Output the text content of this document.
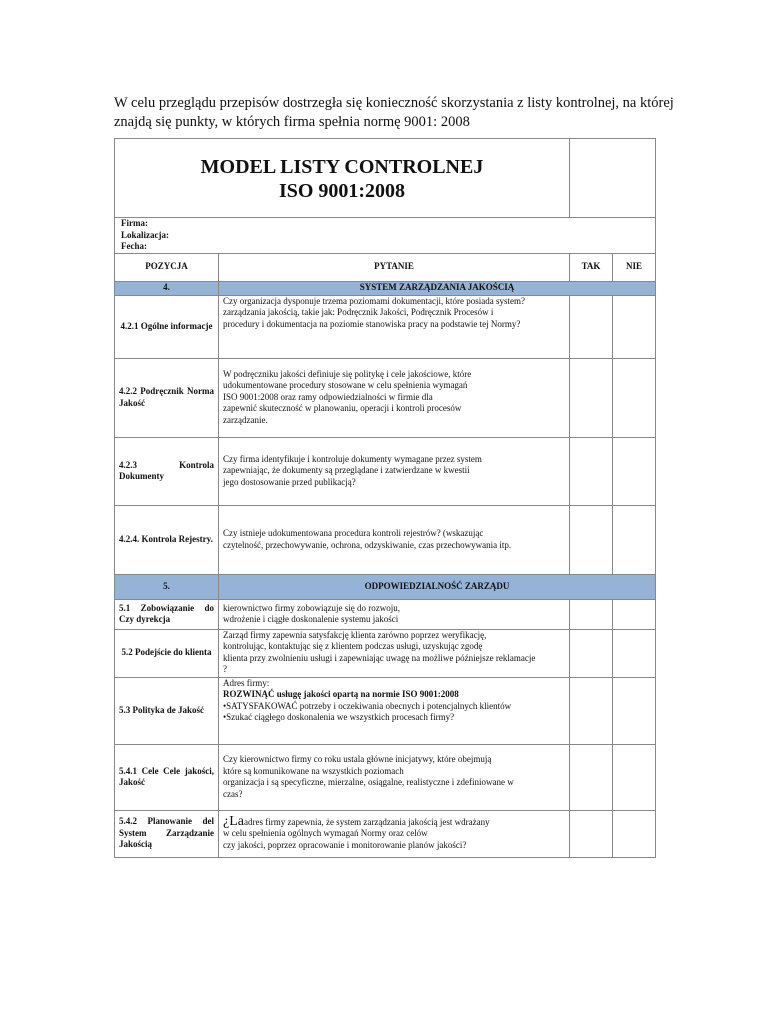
W celu przeglądu przepisów dostrzegła się konieczność skorzystania z listy kontrolnej, na której znajdą się punkty, w których firma spełnia normę 9001: 2008
MODEL LISTY CONTROLNEJ
ISO 9001:2008			

Firma:
Lokalizacja:
Fecha:			

POZYCJA	PYTANIE	TAK	NIE
4.	SYSTEM ZARZĄDZANIA JAKOŚCIĄ		
4.2.1 Ogólne informacje	Czy organizacja dysponuje trzema poziomami dokumentacji, które posiada system?
zarządzania jakością, takie jak: Podręcznik Jakości, Podręcznik Procesów i
procedury i dokumentacja na poziomie stanowiska pracy na podstawie tej Normy?		

4.2.2 Podręcznik Norma Jakość	W podręczniku jakości definiuje się politykę i cele jakościowe, które
udokumentowane procedury stosowane w celu spełnienia wymagań
ISO 9001:2008 oraz ramy odpowiedzialności w firmie dla
zapewnić skuteczność w planowaniu, operacji i kontroli procesów
zarządzanie.		

4.2.3 Kontrola Dokumenty	Czy firma identyfikuje i kontroluje dokumenty wymagane przez system
zapewniając, że dokumenty są przeglądane i zatwierdzane w kwestii
jego dostosowanie przed publikacją?		

4.2.4. Kontrola Rejestry.	Czy istnieje udokumentowana procedura kontroli rejestrów? (wskazując
czytelność, przechowywanie, ochrona, odzyskiwanie, czas przechowywania itp.		

5.	ODPOWIEDZIALNOŚĆ ZARZĄDU		
5.1 Zobowiązanie do Czy dyrekcja	kierownictwo firmy zobowiązuje się do rozwoju,
wdrożenie i ciągłe doskonalenie systemu jakości		

5.2 Podejście do klienta	Zarząd firmy zapewnia satysfakcję klienta zarówno poprzez weryfikację,
kontrolując, kontaktując się z klientem podczas usługi, uzyskując zgodę
klienta przy zwolnieniu usługi i zapewniając uwagę na możliwe późniejsze reklamacje
?		

5.3 Polityka de Jakość	Adres firmy:
ROZWINĄĆ usługę jakości opartą na normie ISO 9001:2008
•SATYSFAKOWAĆ potrzeby i oczekiwania obecnych i potencjalnych klientów
•Szukać ciągłego doskonalenia we wszystkich procesach firmy?		

5.4.1 Cele Cele jakości, Jakość	Czy kierownictwo firmy co roku ustala główne inicjatywy, które obejmują
które są komunikowane na wszystkich poziomach
organizacja i są specyficzne, mierzalne, osiągalne, realistyczne i zdefiniowane w
czas?		

5.4.2 Planowanie del System Zarządzanie Jakością	¿Laadres firmy zapewnia, że system zarządzania jakością jest wdrażany
w celu spełnienia ogólnych wymagań Normy oraz celów
czy jakości, poprzez opracowanie i monitorowanie planów jakości?		
